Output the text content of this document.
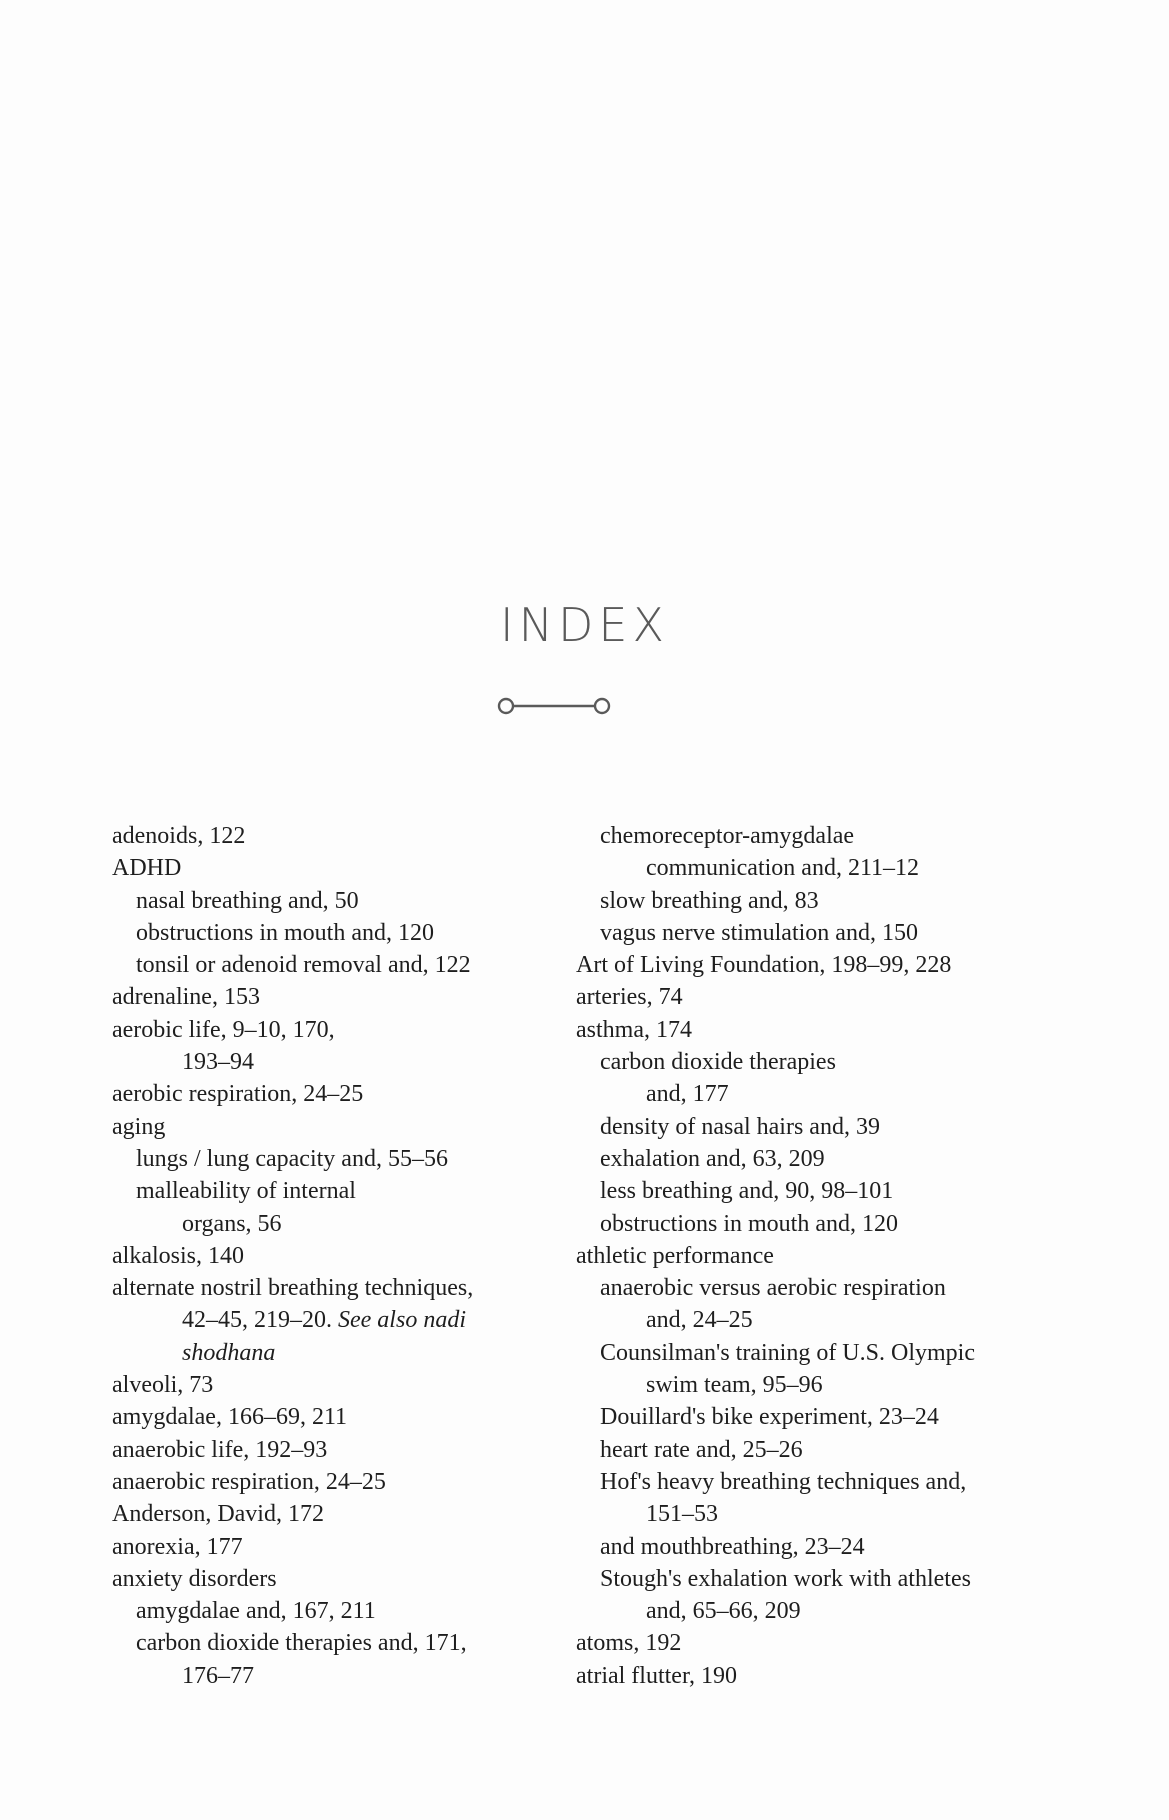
INDEX
adenoids, 122
ADHD
nasal breathing and, 50
obstructions in mouth and, 120
tonsil or adenoid removal and, 122
adrenaline, 153
aerobic life, 9–10, 170,
193–94
aerobic respiration, 24–25
aging
lungs / lung capacity and, 55–56
malleability of internal
organs, 56
alkalosis, 140
alternate nostril breathing techniques,
42–45, 219–20. See also nadi
shodhana
alveoli, 73
amygdalae, 166–69, 211
anaerobic life, 192–93
anaerobic respiration, 24–25
Anderson, David, 172
anorexia, 177
anxiety disorders
amygdalae and, 167, 211
carbon dioxide therapies and, 171,
176–77
chemoreceptor-amygdalae
communication and, 211–12
slow breathing and, 83
vagus nerve stimulation and, 150
Art of Living Foundation, 198–99, 228
arteries, 74
asthma, 174
carbon dioxide therapies
and, 177
density of nasal hairs and, 39
exhalation and, 63, 209
less breathing and, 90, 98–101
obstructions in mouth and, 120
athletic performance
anaerobic versus aerobic respiration
and, 24–25
Counsilman's training of U.S. Olympic
swim team, 95–96
Douillard's bike experiment, 23–24
heart rate and, 25–26
Hof's heavy breathing techniques and,
151–53
and mouthbreathing, 23–24
Stough's exhalation work with athletes
and, 65–66, 209
atoms, 192
atrial flutter, 190
